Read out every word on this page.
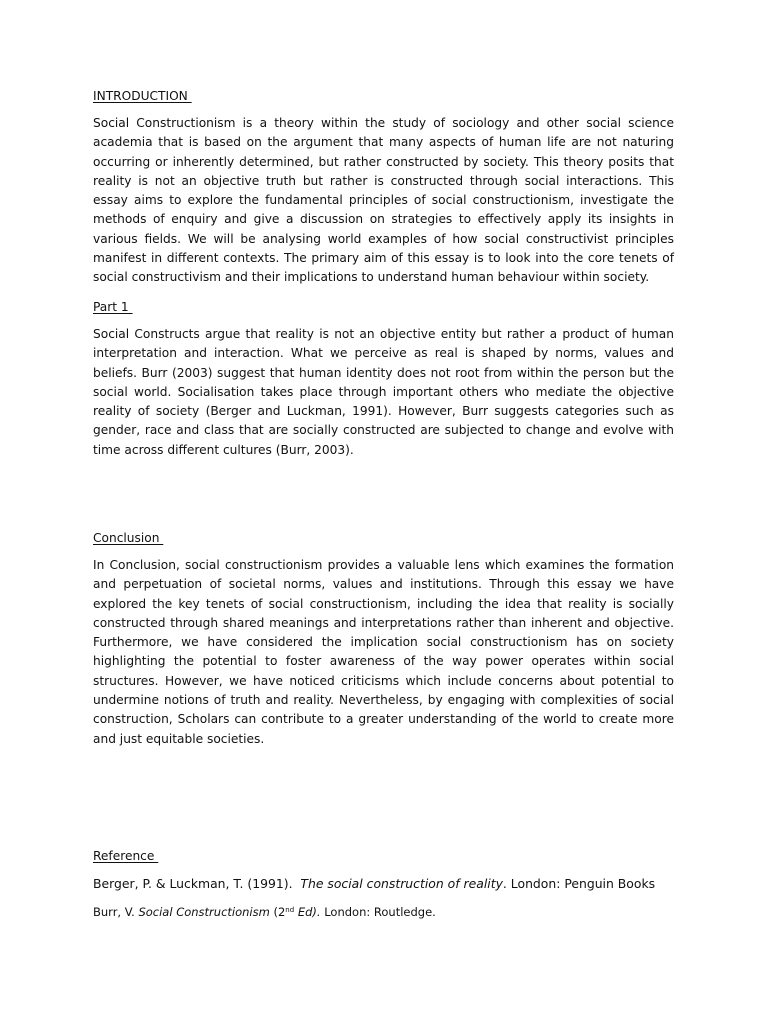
INTRODUCTION

Social Constructionism is a theory within the study of sociology and other social science academia that is based on the argument that many aspects of human life are not naturing occurring or inherently determined, but rather constructed by society. This theory posits that reality is not an objective truth but rather is constructed through social interactions. This essay aims to explore the fundamental principles of social constructionism, investigate the methods of enquiry and give a discussion on strategies to effectively apply its insights in various fields. We will be analysing world examples of how social constructivist principles manifest in different contexts. The primary aim of this essay is to look into the core tenets of social constructivism and their implications to understand human behaviour within society.

Part 1

Social Constructs argue that reality is not an objective entity but rather a product of human interpretation and interaction. What we perceive as real is shaped by norms, values and beliefs. Burr (2003) suggest that human identity does not root from within the person but the social world. Socialisation takes place through important others who mediate the objective reality of society (Berger and Luckman, 1991). However, Burr suggests categories such as gender, race and class that are socially constructed are subjected to change and evolve with time across different cultures (Burr, 2003).

Conclusion

In Conclusion, social constructionism provides a valuable lens which examines the formation and perpetuation of societal norms, values and institutions. Through this essay we have explored the key tenets of social constructionism, including the idea that reality is socially constructed through shared meanings and interpretations rather than inherent and objective. Furthermore, we have considered the implication social constructionism has on society highlighting the potential to foster awareness of the way power operates within social structures. However, we have noticed criticisms which include concerns about potential to undermine notions of truth and reality. Nevertheless, by engaging with complexities of social construction, Scholars can contribute to a greater understanding of the world to create more and just equitable societies.

Reference

Berger, P. & Luckman, T. (1991). The social construction of reality. London: Penguin Books

Burr, V. Social Constructionism (2nd Ed). London: Routledge.
